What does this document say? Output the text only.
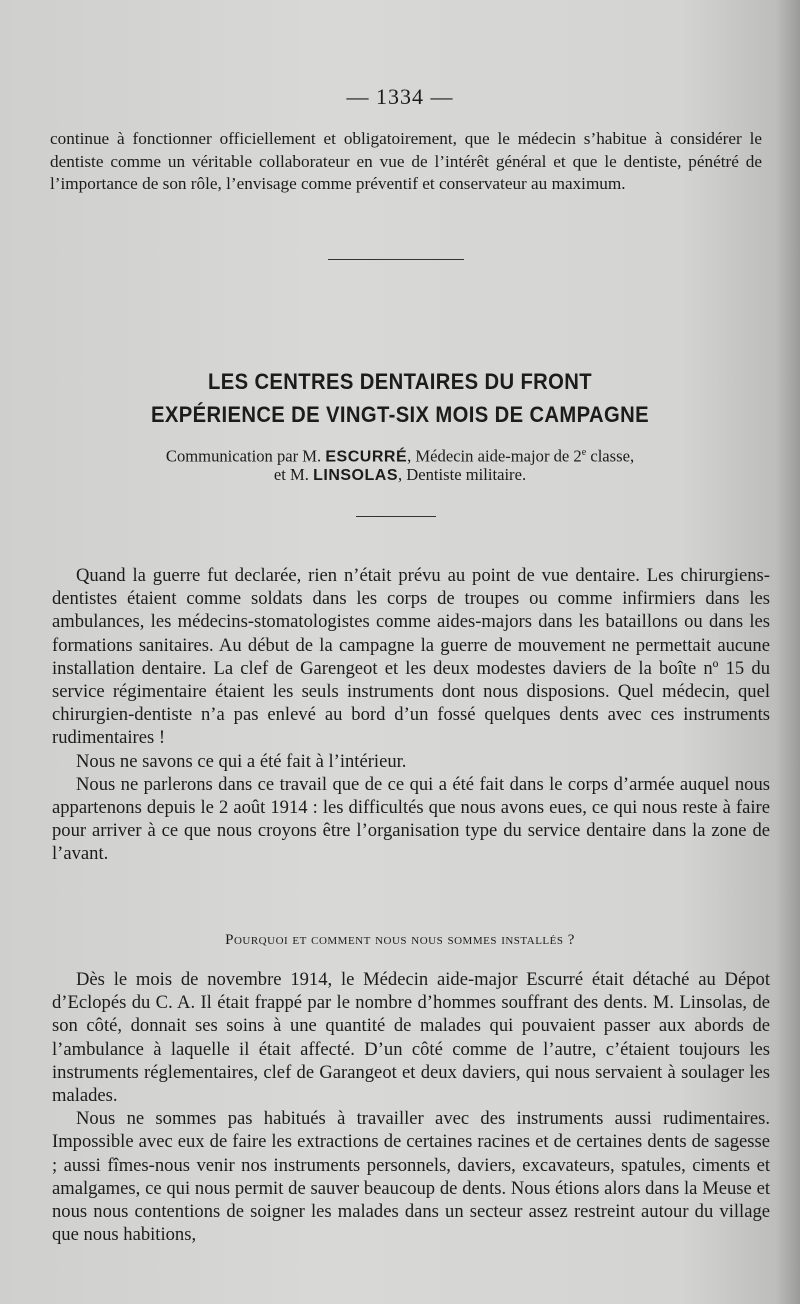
— 1334 —

continue à fonctionner officiellement et obligatoirement, que le médecin s’habitue à considérer le dentiste comme un véritable collaborateur en vue de l’intérêt général et que le dentiste, pénétré de l’importance de son rôle, l’envisage comme préventif et conservateur au maximum.

LES CENTRES DENTAIRES DU FRONT
EXPÉRIENCE DE VINGT-SIX MOIS DE CAMPAGNE
Communication par M. ESCURRÉ, Médecin aide-major de 2e classe,
et M. LINSOLAS, Dentiste militaire.

Quand la guerre fut declarée, rien n’était prévu au point de vue dentaire. Les chirurgiens-dentistes étaient comme soldats dans les corps de troupes ou comme infirmiers dans les ambulances, les médecins-stomatologistes comme aides-majors dans les bataillons ou dans les formations sanitaires. Au début de la campagne la guerre de mouvement ne permettait aucune installation dentaire. La clef de Garengeot et les deux modestes daviers de la boîte nº 15 du service régimentaire étaient les seuls instruments dont nous disposions. Quel médecin, quel chirurgien-dentiste n’a pas enlevé au bord d’un fossé quelques dents avec ces instruments rudimentaires !

Nous ne savons ce qui a été fait à l’intérieur.

Nous ne parlerons dans ce travail que de ce qui a été fait dans le corps d’armée auquel nous appartenons depuis le 2 août 1914 : les difficultés que nous avons eues, ce qui nous reste à faire pour arriver à ce que nous croyons être l’organisation type du service dentaire dans la zone de l’avant.

Pourquoi et comment nous nous sommes installés ?

Dès le mois de novembre 1914, le Médecin aide-major Escurré était détaché au Dépot d’Eclopés du C. A. Il était frappé par le nombre d’hommes souffrant des dents. M. Linsolas, de son côté, donnait ses soins à une quantité de malades qui pouvaient passer aux abords de l’ambulance à laquelle il était affecté. D’un côté comme de l’autre, c’étaient toujours les instruments réglementaires, clef de Garangeot et deux daviers, qui nous servaient à soulager les malades.

Nous ne sommes pas habitués à travailler avec des instruments aussi rudimentaires. Impossible avec eux de faire les extractions de certaines racines et de certaines dents de sagesse ; aussi fîmes-nous venir nos instruments personnels, daviers, excavateurs, spatules, ciments et amalgames, ce qui nous permit de sauver beaucoup de dents. Nous étions alors dans la Meuse et nous nous contentions de soigner les malades dans un secteur assez restreint autour du village que nous habitions,
